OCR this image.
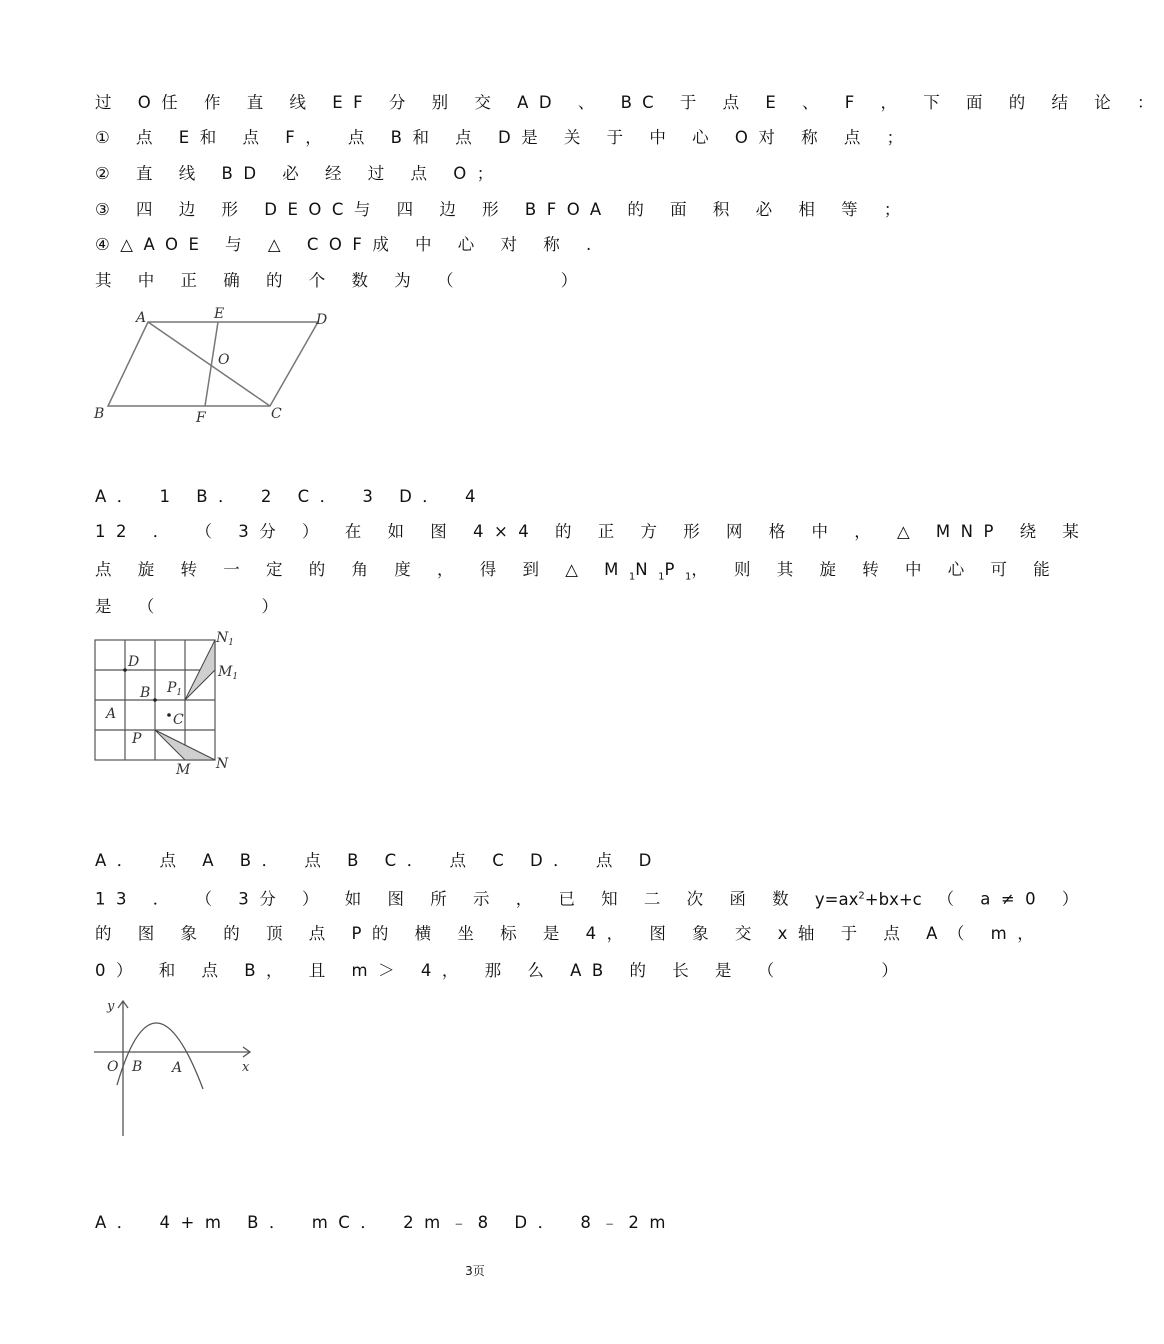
过 O任 作 直 线 EF 分 别 交 AD 、 BC 于 点 E 、 F ， 下 面 的 结 论 ：
① 点 E和 点 F， 点 B和 点 D是 关 于 中 心 O对 称 点 ；
② 直 线 BD 必 经 过 点 O；
③ 四 边 形 DEOC与 四 边 形 BFOA 的 面 积 必 相 等 ；
④△AOE 与 △ COF成 中 心 对 称 .
其 中 正 确 的 个 数 为 （　　　 ）
A	E	D
O
B	F	C
A． 1 B． 2 C． 3 D． 4
12 ． （ 3分 ） 在 如 图 4×4 的 正 方 形 网 格 中 ， △ MNP 绕 某
点 旋 转 一 定 的 角 度 ， 得 到 △ $M_1N_1P_1$， 则 其 旋 转 中 心 可 能
是 （　　　 ）
D
B
A
$P_1$
C
P
M N
$N_1$
$M_1$
A． 点 A B． 点 B C． 点 C D． 点 D
13 ． （ 3分 ） 如 图 所 示 ， 已 知 二 次 函 数 $y=ax^2+bx+c$ （ a≠0 ）
的 图 象 的 顶 点 P的 横 坐 标 是 4， 图 象 交 x轴 于 点 A（ m，
0） 和 点 B， 且 m＞ 4， 那 么 AB 的 长 是 （　　　 ）
y
x
O B A
A． 4+m B． mC． 2m﹣8 D． 8﹣2m
3页
